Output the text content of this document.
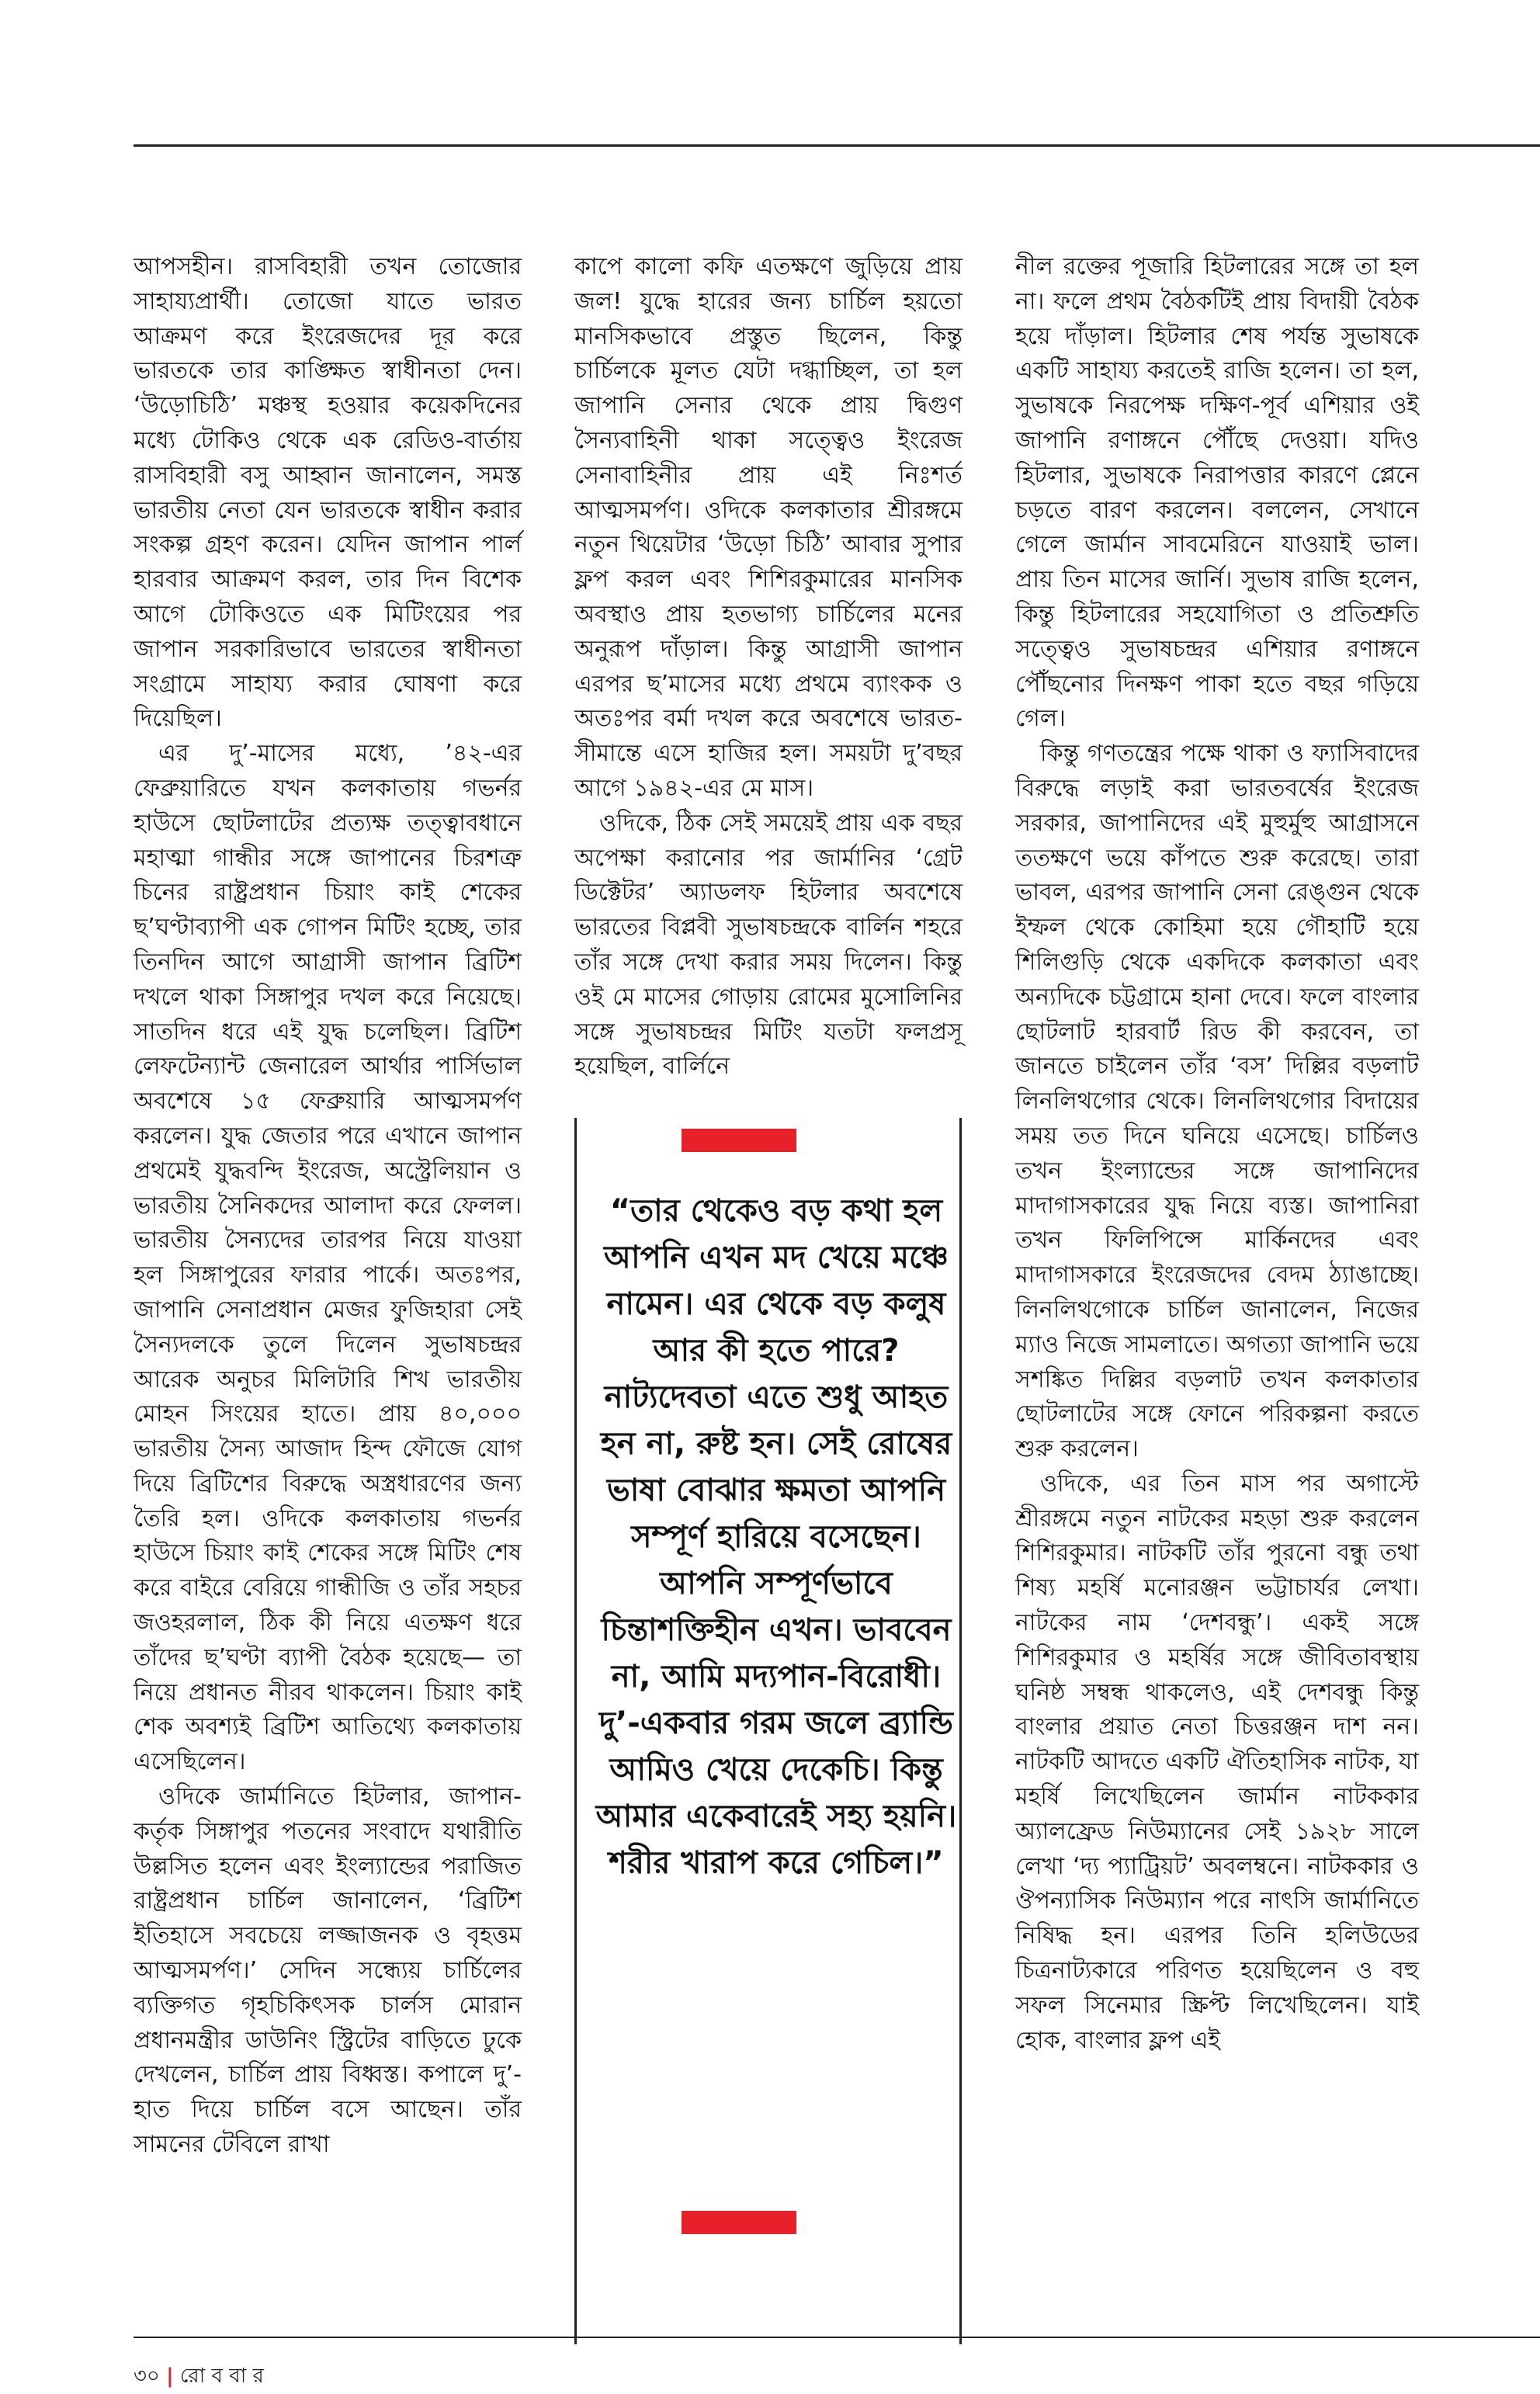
আপসহীন। রাসবিহারী তখন তোজোর সাহায্যপ্রার্থী। তোজো যাতে ভারত আক্রমণ করে ইংরেজদের দূর করে ভারতকে তার কাঙ্ক্ষিত স্বাধীনতা দেন। ‘উড়োচিঠি’ মঞ্চস্থ হওয়ার কয়েকদিনের মধ্যে টোকিও থেকে এক রেডিও-বার্তায় রাসবিহারী বসু আহ্বান জানালেন, সমস্ত ভারতীয় নেতা যেন ভারতকে স্বাধীন করার সংকল্প গ্রহণ করেন। যেদিন জাপান পার্ল হারবার আক্রমণ করল, তার দিন বিশেক আগে টোকিওতে এক মিটিংয়ের পর জাপান সরকারিভাবে ভারতের স্বাধীনতা সংগ্রামে সাহায্য করার ঘোষণা করে দিয়েছিল।

এর দু’-মাসের মধ্যে, ’৪২-এর ফেব্রুয়ারিতে যখন কলকাতায় গভর্নর হাউসে ছোটলাটের প্রত্যক্ষ তত্ত্বাবধানে মহাত্মা গান্ধীর সঙ্গে জাপানের চিরশত্রু চিনের রাষ্ট্রপ্রধান চিয়াং কাই শেকের ছ’ঘণ্টাব্যাপী এক গোপন মিটিং হচ্ছে, তার তিনদিন আগে আগ্রাসী জাপান ব্রিটিশ দখলে থাকা সিঙ্গাপুর দখল করে নিয়েছে। সাতদিন ধরে এই যুদ্ধ চলেছিল। ব্রিটিশ লেফটেন্যান্ট জেনারেল আর্থার পার্সিভাল অবশেষে ১৫ ফেব্রুয়ারি আত্মসমর্পণ করলেন। যুদ্ধ জেতার পরে এখানে জাপান প্রথমেই যুদ্ধবন্দি ইংরেজ, অস্ট্রেলিয়ান ও ভারতীয় সৈনিকদের আলাদা করে ফেলল। ভারতীয় সৈন্যদের তারপর নিয়ে যাওয়া হল সিঙ্গাপুরের ফারার পার্কে। অতঃপর, জাপানি সেনাপ্রধান মেজর ফুজিহারা সেই সৈন্যদলকে তুলে দিলেন সুভাষচন্দ্রর আরেক অনুচর মিলিটারি শিখ ভারতীয় মোহন সিংয়ের হাতে। প্রায় ৪০,০০০ ভারতীয় সৈন্য আজাদ হিন্দ ফৌজে যোগ দিয়ে ব্রিটিশের বিরুদ্ধে অস্ত্রধারণের জন্য তৈরি হল। ওদিকে কলকাতায় গভর্নর হাউসে চিয়াং কাই শেকের সঙ্গে মিটিং শেষ করে বাইরে বেরিয়ে গান্ধীজি ও তাঁর সহচর জওহরলাল, ঠিক কী নিয়ে এতক্ষণ ধরে তাঁদের ছ’ঘণ্টা ব্যাপী বৈঠক হয়েছে— তা নিয়ে প্রধানত নীরব থাকলেন। চিয়াং কাই শেক অবশ্যই ব্রিটিশ আতিথ্যে কলকাতায় এসেছিলেন।

ওদিকে জার্মানিতে হিটলার, জাপান-কর্তৃক সিঙ্গাপুর পতনের সংবাদে যথারীতি উল্লসিত হলেন এবং ইংল্যান্ডের পরাজিত রাষ্ট্রপ্রধান চার্চিল জানালেন, ‘ব্রিটিশ ইতিহাসে সবচেয়ে লজ্জাজনক ও বৃহত্তম আত্মসমর্পণ।’ সেদিন সন্ধ্যেয় চার্চিলের ব্যক্তিগত গৃহচিকিৎসক চার্লস মোরান প্রধানমন্ত্রীর ডাউনিং স্ট্রিটের বাড়িতে ঢুকে দেখলেন, চার্চিল প্রায় বিধ্বস্ত। কপালে দু’-হাত দিয়ে চার্চিল বসে আছেন। তাঁর সামনের টেবিলে রাখা

কাপে কালো কফি এতক্ষণে জুড়িয়ে প্রায় জল! যুদ্ধে হারের জন্য চার্চিল হয়তো মানসিকভাবে প্রস্তুত ছিলেন, কিন্তু চার্চিলকে মূলত যেটা দগ্ধাচ্ছিল, তা হল জাপানি সেনার থেকে প্রায় দ্বিগুণ সৈন্যবাহিনী থাকা সত্ত্বেও ইংরেজ সেনাবাহিনীর প্রায় এই নিঃশর্ত আত্মসমর্পণ। ওদিকে কলকাতার শ্রীরঙ্গমে নতুন থিয়েটার ‘উড়ো চিঠি’ আবার সুপার ফ্লপ করল এবং শিশিরকুমারের মানসিক অবস্থাও প্রায় হতভাগ্য চার্চিলের মনের অনুরূপ দাঁড়াল। কিন্তু আগ্রাসী জাপান এরপর ছ’মাসের মধ্যে প্রথমে ব্যাংকক ও অতঃপর বর্মা দখল করে অবশেষে ভারত-সীমান্তে এসে হাজির হল। সময়টা দু’বছর আগে ১৯৪২-এর মে মাস।

ওদিকে, ঠিক সেই সময়েই প্রায় এক বছর অপেক্ষা করানোর পর জার্মানির ‘গ্রেট ডিক্টেটর’ অ্যাডলফ হিটলার অবশেষে ভারতের বিপ্লবী সুভাষচন্দ্রকে বার্লিন শহরে তাঁর সঙ্গে দেখা করার সময় দিলেন। কিন্তু ওই মে মাসের গোড়ায় রোমের মুসোলিনির সঙ্গে সুভাষচন্দ্রর মিটিং যতটা ফলপ্রসূ হয়েছিল, বার্লিনে

“তার থেকেও বড় কথা হল আপনি এখন মদ খেয়ে মঞ্চে নামেন। এর থেকে বড় কলুষ আর কী হতে পারে? নাট্যদেবতা এতে শুধু আহত হন না, রুষ্ট হন। সেই রোষের ভাষা বোঝার ক্ষমতা আপনি সম্পূর্ণ হারিয়ে বসেছেন। আপনি সম্পূর্ণভাবে চিন্তাশক্তিহীন এখন। ভাববেন না, আমি মদ্যপান-বিরোধী। দু’-একবার গরম জলে ব্র্যান্ডি আমিও খেয়ে দেকেচি। কিন্তু আমার একেবারেই সহ্য হয়নি। শরীর খারাপ করে গেচিল।”

নীল রক্তের পূজারি হিটলারের সঙ্গে তা হল না। ফলে প্রথম বৈঠকটিই প্রায় বিদায়ী বৈঠক হয়ে দাঁড়াল। হিটলার শেষ পর্যন্ত সুভাষকে একটি সাহায্য করতেই রাজি হলেন। তা হল, সুভাষকে নিরপেক্ষ দক্ষিণ-পূর্ব এশিয়ার ওই জাপানি রণাঙ্গনে পৌঁছে দেওয়া। যদিও হিটলার, সুভাষকে নিরাপত্তার কারণে প্লেনে চড়তে বারণ করলেন। বললেন, সেখানে গেলে জার্মান সাবমেরিনে যাওয়াই ভাল। প্রায় তিন মাসের জার্নি। সুভাষ রাজি হলেন, কিন্তু হিটলারের সহযোগিতা ও প্রতিশ্রুতি সত্ত্বেও সুভাষচন্দ্রর এশিয়ার রণাঙ্গনে পৌঁছনোর দিনক্ষণ পাকা হতে বছর গড়িয়ে গেল।

কিন্তু গণতন্ত্রের পক্ষে থাকা ও ফ্যাসিবাদের বিরুদ্ধে লড়াই করা ভারতবর্ষের ইংরেজ সরকার, জাপানিদের এই মুহুর্মুহু আগ্রাসনে ততক্ষণে ভয়ে কাঁপতে শুরু করেছে। তারা ভাবল, এরপর জাপানি সেনা রেঙ্গুন থেকে ইম্ফল থেকে কোহিমা হয়ে গৌহাটি হয়ে শিলিগুড়ি থেকে একদিকে কলকাতা এবং অন্যদিকে চট্টগ্রামে হানা দেবে। ফলে বাংলার ছোটলাট হারবার্ট রিড কী করবেন, তা জানতে চাইলেন তাঁর ‘বস’ দিল্লির বড়লাট লিনলিথগোর থেকে। লিনলিথগোর বিদায়ের সময় তত দিনে ঘনিয়ে এসেছে। চার্চিলও তখন ইংল্যান্ডের সঙ্গে জাপানিদের মাদাগাসকারের যুদ্ধ নিয়ে ব্যস্ত। জাপানিরা তখন ফিলিপিন্সে মার্কিনদের এবং মাদাগাসকারে ইংরেজদের বেদম ঠ্যাঙাচ্ছে। লিনলিথগোকে চার্চিল জানালেন, নিজের ম্যাও নিজে সামলাতে। অগত্যা জাপানি ভয়ে সশঙ্কিত দিল্লির বড়লাট তখন কলকাতার ছোটলাটের সঙ্গে ফোনে পরিকল্পনা করতে শুরু করলেন।

ওদিকে, এর তিন মাস পর অগাস্টে শ্রীরঙ্গমে নতুন নাটকের মহড়া শুরু করলেন শিশিরকুমার। নাটকটি তাঁর পুরনো বন্ধু তথা শিষ্য মহর্ষি মনোরঞ্জন ভট্টাচার্যর লেখা। নাটকের নাম ‘দেশবন্ধু’। একই সঙ্গে শিশিরকুমার ও মহর্ষির সঙ্গে জীবিতাবস্থায় ঘনিষ্ঠ সম্বন্ধ থাকলেও, এই দেশবন্ধু কিন্তু বাংলার প্রয়াত নেতা চিত্তরঞ্জন দাশ নন। নাটকটি আদতে একটি ঐতিহাসিক নাটক, যা মহর্ষি লিখেছিলেন জার্মান নাটককার অ্যালফ্রেড নিউম্যানের সেই ১৯২৮ সালে লেখা ‘দ্য প্যাট্রিয়ট’ অবলম্বনে। নাটককার ও ঔপন্যাসিক নিউম্যান পরে নাৎসি জার্মানিতে নিষিদ্ধ হন। এরপর তিনি হলিউডের চিত্রনাট্যকারে পরিণত হয়েছিলেন ও বহু সফল সিনেমার স্ক্রিপ্ট লিখেছিলেন। যাই হোক, বাংলার ফ্লপ এই

৩০ | রো ব বা র
